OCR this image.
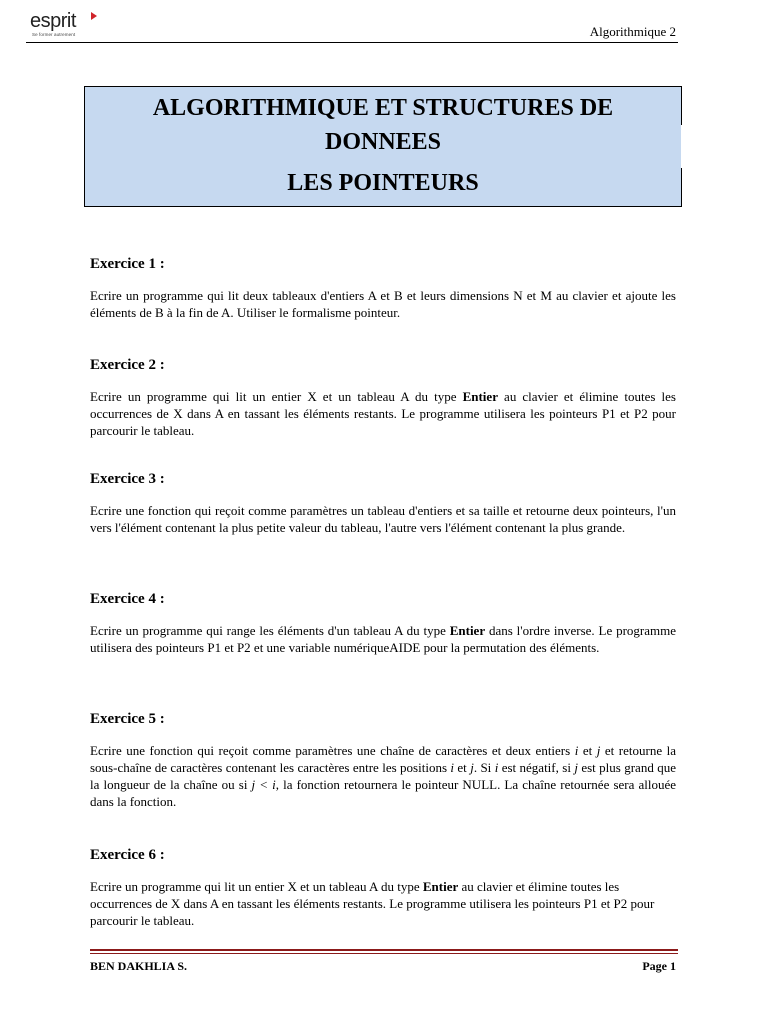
esprit
Se former autrement	Algorithmique 2
ALGORITHMIQUE ET STRUCTURES DE
DONNEES
LES POINTEURS
Exercice 1 :

Ecrire un programme qui lit deux tableaux d'entiers A et B et leurs dimensions N et M au clavier et ajoute les éléments de B à la fin de A. Utiliser le formalisme pointeur.

Exercice 2 :

Ecrire un programme qui lit un entier X et un tableau A du type Entier au clavier et élimine toutes les occurrences de X dans A en tassant les éléments restants. Le programme utilisera les pointeurs P1 et P2 pour parcourir le tableau.

Exercice 3 :

Ecrire une fonction qui reçoit comme paramètres un tableau d'entiers et sa taille et retourne deux pointeurs, l'un vers l'élément contenant la plus petite valeur du tableau, l'autre vers l'élément contenant la plus grande.

Exercice 4 :

Ecrire un programme qui range les éléments d'un tableau A du type Entier dans l'ordre inverse. Le programme utilisera des pointeurs P1 et P2 et une variable numériqueAIDE pour la permutation des éléments.

Exercice 5 :

Ecrire une fonction qui reçoit comme paramètres une chaîne de caractères et deux entiers i et j et retourne la sous-chaîne de caractères contenant les caractères entre les positions i et j. Si i est négatif, si j est plus grand que la longueur de la chaîne ou si j < i, la fonction retournera le pointeur NULL. La chaîne retournée sera allouée dans la fonction.

Exercice 6 :

Ecrire un programme qui lit un entier X et un tableau A du type Entier au clavier et élimine toutes les occurrences de X dans A en tassant les éléments restants. Le programme utilisera les pointeurs P1 et P2 pour parcourir le tableau.

BEN DAKHLIA S.	Page 1
